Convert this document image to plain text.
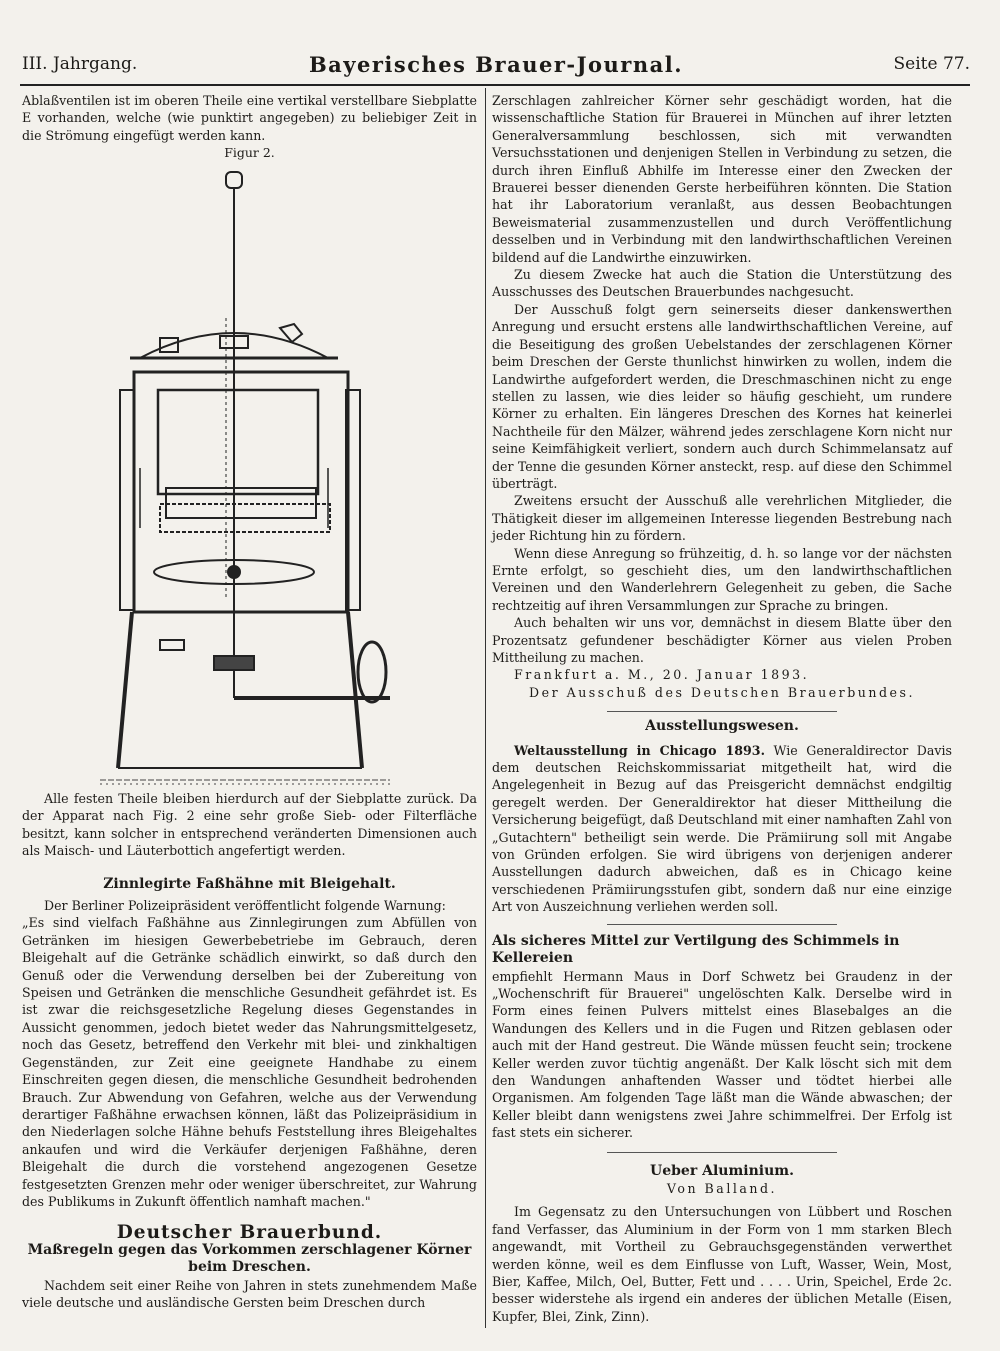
III. Jahrgang.	Bayerisches Brauer-Journal.	Seite 77.

Ablaßventilen ist im oberen Theile eine vertikal verstellbare Siebplatte E vorhanden, welche (wie punktirt angegeben) zu beliebiger Zeit in die Strömung eingefügt werden kann.

Figur 2.

Alle festen Theile bleiben hierdurch auf der Siebplatte zurück. Da der Apparat nach Fig. 2 eine sehr große Sieb- oder Filterfläche besitzt, kann solcher in entsprechend veränderten Dimensionen auch als Maisch- und Läuterbottich angefertigt werden.

Zinnlegirte Faßhähne mit Bleigehalt.

Der Berliner Polizeipräsident veröffentlicht folgende Warnung:

„Es sind vielfach Faßhähne aus Zinnlegirungen zum Abfüllen von Getränken im hiesigen Gewerbebetriebe im Gebrauch, deren Bleigehalt auf die Getränke schädlich einwirkt, so daß durch den Genuß oder die Verwendung derselben bei der Zubereitung von Speisen und Getränken die menschliche Gesundheit gefährdet ist. Es ist zwar die reichsgesetzliche Regelung dieses Gegenstandes in Aussicht genommen, jedoch bietet weder das Nahrungsmittelgesetz, noch das Gesetz, betreffend den Verkehr mit blei- und zinkhaltigen Gegenständen, zur Zeit eine geeignete Handhabe zu einem Einschreiten gegen diesen, die menschliche Gesundheit bedrohenden Brauch. Zur Abwendung von Gefahren, welche aus der Verwendung derartiger Faßhähne erwachsen können, läßt das Polizeipräsidium in den Niederlagen solche Hähne behufs Feststellung ihres Bleigehaltes ankaufen und wird die Verkäufer derjenigen Faßhähne, deren Bleigehalt die durch die vorstehend angezogenen Gesetze festgesetzten Grenzen mehr oder weniger überschreitet, zur Wahrung des Publikums in Zukunft öffentlich namhaft machen."

Deutscher Brauerbund.
Maßregeln gegen das Vorkommen zerschlagener Körner beim Dreschen.

Nachdem seit einer Reihe von Jahren in stets zunehmendem Maße viele deutsche und ausländische Gersten beim Dreschen durch

Zerschlagen zahlreicher Körner sehr geschädigt worden, hat die wissenschaftliche Station für Brauerei in München auf ihrer letzten Generalversammlung beschlossen, sich mit verwandten Versuchsstationen und denjenigen Stellen in Verbindung zu setzen, die durch ihren Einfluß Abhilfe im Interesse einer den Zwecken der Brauerei besser dienenden Gerste herbeiführen könnten. Die Station hat ihr Laboratorium veranlaßt, aus dessen Beobachtungen Beweismaterial zusammenzustellen und durch Veröffentlichung desselben und in Verbindung mit den landwirthschaftlichen Vereinen bildend auf die Landwirthe einzuwirken.

Zu diesem Zwecke hat auch die Station die Unterstützung des Ausschusses des Deutschen Brauerbundes nachgesucht.

Der Ausschuß folgt gern seinerseits dieser dankenswerthen Anregung und ersucht erstens alle landwirthschaftlichen Vereine, auf die Beseitigung des großen Uebelstandes der zerschlagenen Körner beim Dreschen der Gerste thunlichst hinwirken zu wollen, indem die Landwirthe aufgefordert werden, die Dreschmaschinen nicht zu enge stellen zu lassen, wie dies leider so häufig geschieht, um rundere Körner zu erhalten. Ein längeres Dreschen des Kornes hat keinerlei Nachtheile für den Mälzer, während jedes zerschlagene Korn nicht nur seine Keimfähigkeit verliert, sondern auch durch Schimmelansatz auf der Tenne die gesunden Körner ansteckt, resp. auf diese den Schimmel überträgt.

Zweitens ersucht der Ausschuß alle verehrlichen Mitglieder, die Thätigkeit dieser im allgemeinen Interesse liegenden Bestrebung nach jeder Richtung hin zu fördern.

Wenn diese Anregung so frühzeitig, d. h. so lange vor der nächsten Ernte erfolgt, so geschieht dies, um den landwirthschaftlichen Vereinen und den Wanderlehrern Gelegenheit zu geben, die Sache rechtzeitig auf ihren Versammlungen zur Sprache zu bringen.

Auch behalten wir uns vor, demnächst in diesem Blatte über den Prozentsatz gefundener beschädigter Körner aus vielen Proben Mittheilung zu machen.

Frankfurt a. M., 20. Januar 1893.

Der Ausschuß des Deutschen Brauerbundes.
Ausstellungswesen.

Weltausstellung in Chicago 1893. Wie Generaldirector Davis dem deutschen Reichskommissariat mitgetheilt hat, wird die Angelegenheit in Bezug auf das Preisgericht demnächst endgiltig geregelt werden. Der Generaldirektor hat dieser Mittheilung die Versicherung beigefügt, daß Deutschland mit einer namhaften Zahl von „Gutachtern" betheiligt sein werde. Die Prämiirung soll mit Angabe von Gründen erfolgen. Sie wird übrigens von derjenigen anderer Ausstellungen dadurch abweichen, daß es in Chicago keine verschiedenen Prämiirungsstufen gibt, sondern daß nur eine einzige Art von Auszeichnung verliehen werden soll.

Als sicheres Mittel zur Vertilgung des Schimmels in Kellereien

empfiehlt Hermann Maus in Dorf Schwetz bei Graudenz in der „Wochenschrift für Brauerei" ungelöschten Kalk. Derselbe wird in Form eines feinen Pulvers mittelst eines Blasebalges an die Wandungen des Kellers und in die Fugen und Ritzen geblasen oder auch mit der Hand gestreut. Die Wände müssen feucht sein; trockene Keller werden zuvor tüchtig angenäßt. Der Kalk löscht sich mit dem den Wandungen anhaftenden Wasser und tödtet hierbei alle Organismen. Am folgenden Tage läßt man die Wände abwaschen; der Keller bleibt dann wenigstens zwei Jahre schimmelfrei. Der Erfolg ist fast stets ein sicherer.

Ueber Aluminium.
Von Balland.

Im Gegensatz zu den Untersuchungen von Lübbert und Roschen fand Verfasser, das Aluminium in der Form von 1 mm starken Blech angewandt, mit Vortheil zu Gebrauchsgegenständen verwerthet werden könne, weil es dem Einflusse von Luft, Wasser, Wein, Most, Bier, Kaffee, Milch, Oel, Butter, Fett und . . . . Urin, Speichel, Erde 2c. besser widerstehe als irgend ein anderes der üblichen Metalle (Eisen, Kupfer, Blei, Zink, Zinn).
